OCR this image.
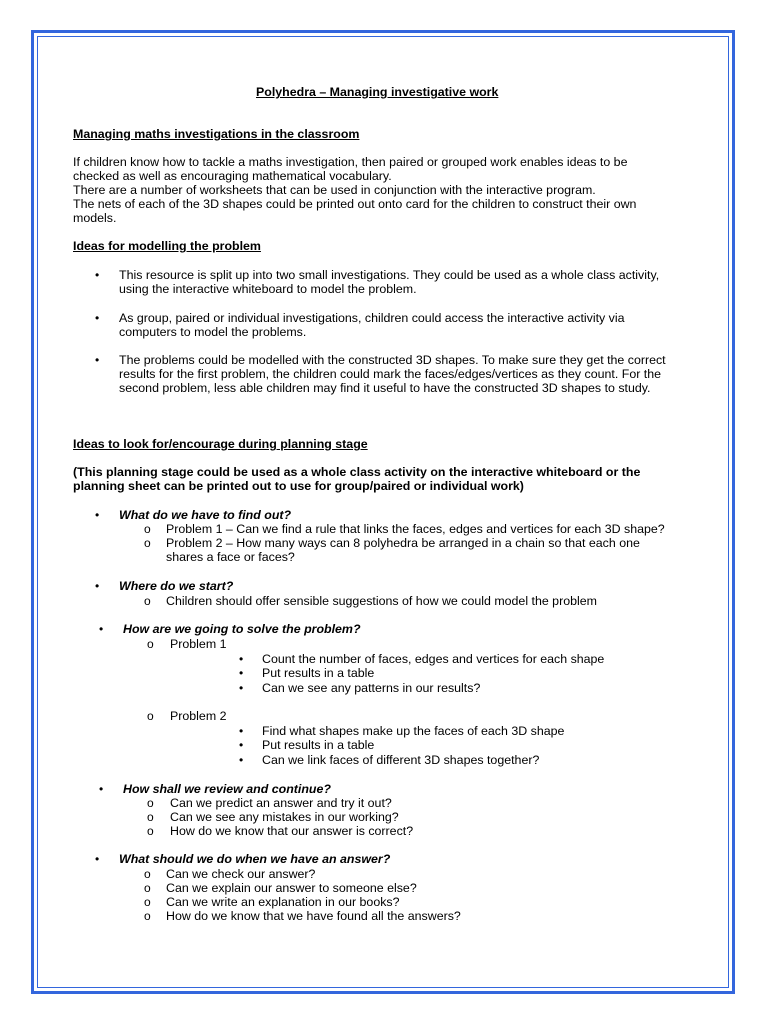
Polyhedra – Managing investigative work
Managing maths investigations in the classroom
If children know how to tackle a maths investigation, then paired or grouped work enables ideas to be
checked as well as encouraging mathematical vocabulary.
There are a number of worksheets that can be used in conjunction with the interactive program.
The nets of each of the 3D shapes could be printed out onto card for the children to construct their own
models.
Ideas for modelling the problem
• This resource is split up into two small investigations. They could be used as a whole class activity,
using the interactive whiteboard to model the problem.
• As group, paired or individual investigations, children could access the interactive activity via
computers to model the problems.
• The problems could be modelled with the constructed 3D shapes. To make sure they get the correct
results for the first problem, the children could mark the faces/edges/vertices as they count. For the
second problem, less able children may find it useful to have the constructed 3D shapes to study.
Ideas to look for/encourage during planning stage
(This planning stage could be used as a whole class activity on the interactive whiteboard or the
planning sheet can be printed out to use for group/paired or individual work)
• What do we have to find out?
o Problem 1 – Can we find a rule that links the faces, edges and vertices for each 3D shape?
o Problem 2 – How many ways can 8 polyhedra be arranged in a chain so that each one
shares a face or faces?
• Where do we start?
o Children should offer sensible suggestions of how we could model the problem
• How are we going to solve the problem?
o Problem 1
• Count the number of faces, edges and vertices for each shape
• Put results in a table
• Can we see any patterns in our results?
o Problem 2
• Find what shapes make up the faces of each 3D shape
• Put results in a table
• Can we link faces of different 3D shapes together?
• How shall we review and continue?
o Can we predict an answer and try it out?
o Can we see any mistakes in our working?
o How do we know that our answer is correct?
• What should we do when we have an answer?
o Can we check our answer?
o Can we explain our answer to someone else?
o Can we write an explanation in our books?
o How do we know that we have found all the answers?
